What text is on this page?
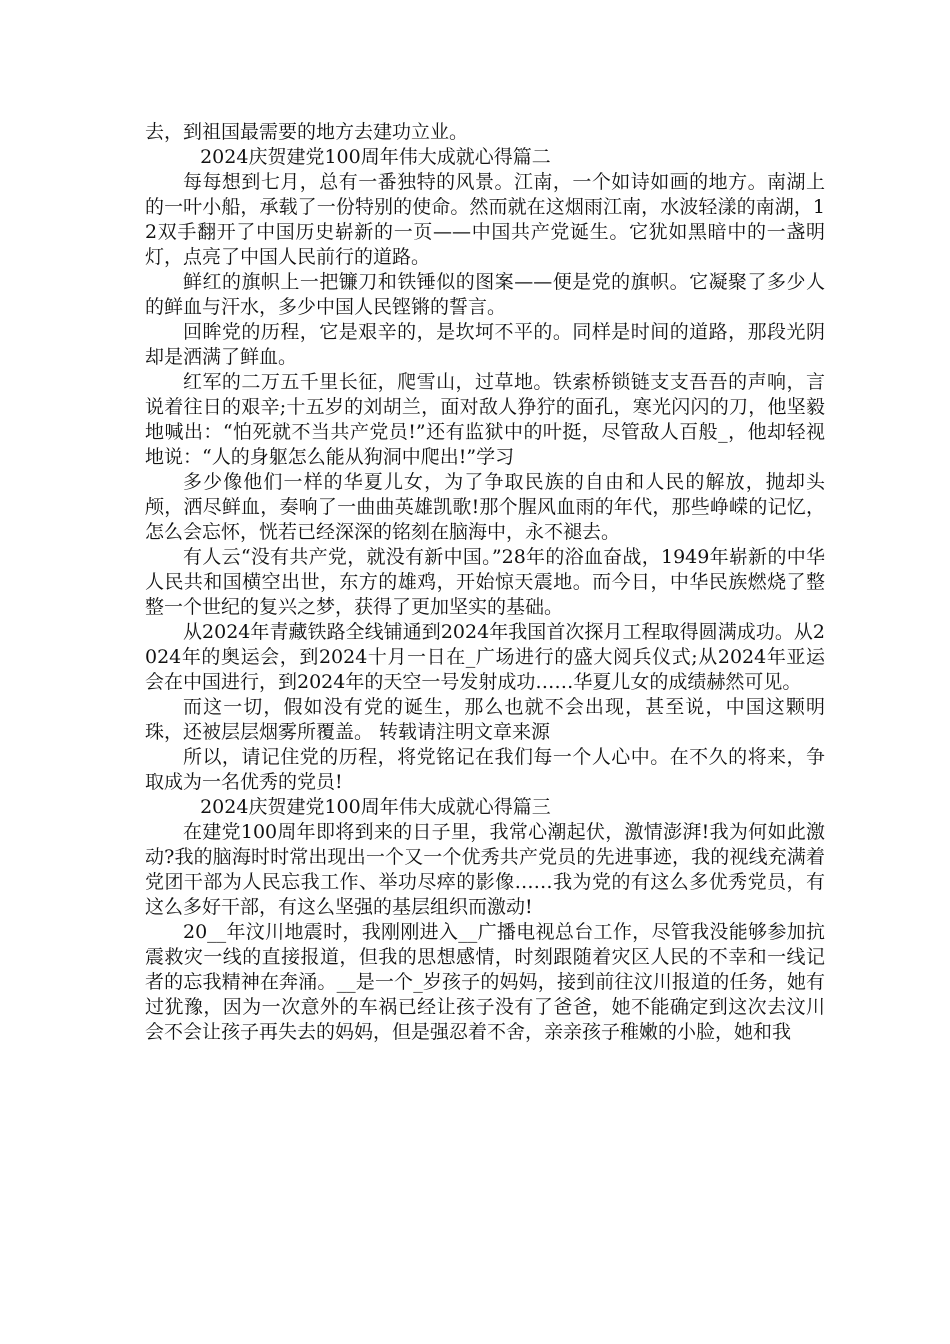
去，到祖国最需要的地方去建功立业。

2024庆贺建党100周年伟大成就心得篇二

每每想到七月，总有一番独特的风景。江南，一个如诗如画的地方。南湖上的一叶小船，承载了一份特别的使命。然而就在这烟雨江南，水波轻漾的南湖，12双手翻开了中国历史崭新的一页——中国共产党诞生。它犹如黑暗中的一盏明灯，点亮了中国人民前行的道路。

鲜红的旗帜上一把镰刀和铁锤似的图案——便是党的旗帜。它凝聚了多少人的鲜血与汗水，多少中国人民铿锵的誓言。

回眸党的历程，它是艰辛的，是坎坷不平的。同样是时间的道路，那段光阴却是洒满了鲜血。

红军的二万五千里长征，爬雪山，过草地。铁索桥锁链支支吾吾的声响，言说着往日的艰辛;十五岁的刘胡兰，面对敌人狰狞的面孔，寒光闪闪的刀，他坚毅地喊出：“怕死就不当共产党员!”还有监狱中的叶挺，尽管敌人百般_，他却轻视地说：“人的身躯怎么能从狗洞中爬出!”学习

多少像他们一样的华夏儿女，为了争取民族的自由和人民的解放，抛却头颅，洒尽鲜血，奏响了一曲曲英雄凯歌!那个腥风血雨的年代，那些峥嵘的记忆，怎么会忘怀，恍若已经深深的铭刻在脑海中，永不褪去。

有人云“没有共产党，就没有新中国。”28年的浴血奋战，1949年崭新的中华人民共和国横空出世，东方的雄鸡，开始惊天震地。而今日，中华民族燃烧了整整一个世纪的复兴之梦，获得了更加坚实的基础。

从2024年青藏铁路全线铺通到2024年我国首次探月工程取得圆满成功。从2024年的奥运会，到2024十月一日在_广场进行的盛大阅兵仪式;从2024年亚运会在中国进行，到2024年的天空一号发射成功……华夏儿女的成绩赫然可见。

而这一切，假如没有党的诞生，那么也就不会出现，甚至说，中国这颗明珠，还被层层烟雾所覆盖。 转载请注明文章来源

所以，请记住党的历程，将党铭记在我们每一个人心中。在不久的将来，争取成为一名优秀的党员!

2024庆贺建党100周年伟大成就心得篇三

在建党100周年即将到来的日子里，我常心潮起伏，激情澎湃!我为何如此激动?我的脑海时时常出现出一个又一个优秀共产党员的先进事迹，我的视线充满着党团干部为人民忘我工作、举功尽瘁的影像……我为党的有这么多优秀党员，有这么多好干部，有这么坚强的基层组织而激动!

20__年汶川地震时，我刚刚进入__广播电视总台工作，尽管我没能够参加抗震救灾一线的直接报道，但我的思想感情，时刻跟随着灾区人民的不幸和一线记者的忘我精神在奔涌。__是一个_岁孩子的妈妈，接到前往汶川报道的任务，她有过犹豫，因为一次意外的车祸已经让孩子没有了爸爸，她不能确定到这次去汶川会不会让孩子再失去的妈妈，但是强忍着不舍，亲亲孩子稚嫩的小脸，她和我
